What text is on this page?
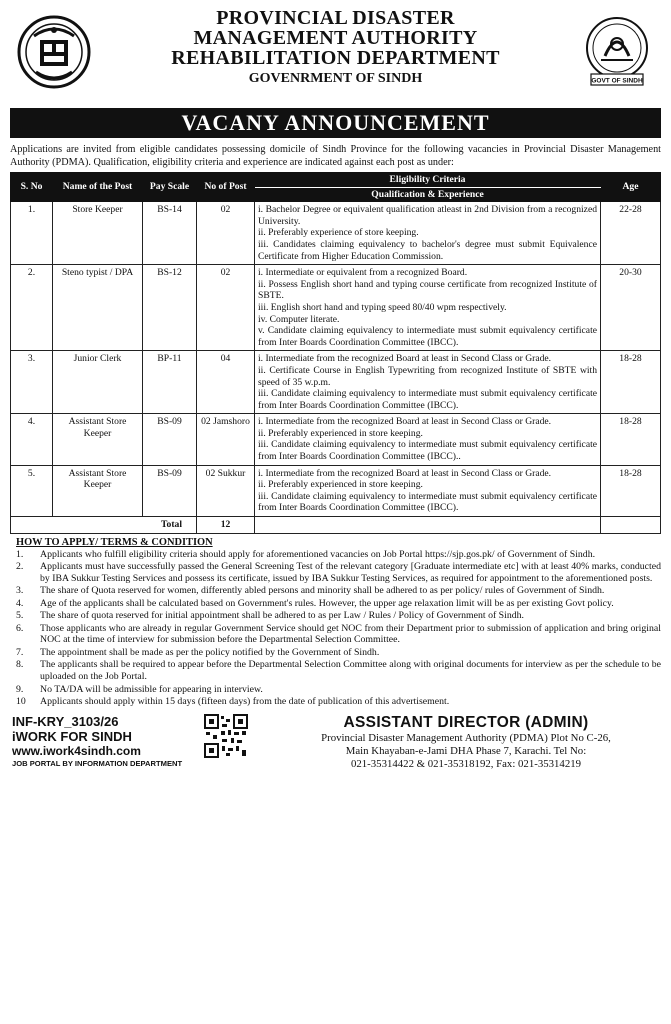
PROVINCIAL DISASTER
MANAGEMENT AUTHORITY
REHABILITATION DEPARTMENT
GOVENRMENT OF SINDH	GOVT OF SINDH
VACANY ANNOUNCEMENT
Applications are invited from eligible candidates possessing domicile of Sindh Province for the following vacancies in Provincial Disaster Management Authority (PDMA). Qualification, eligibility criteria and experience are indicated against each post as under:
S. No	Name of the Post	Pay Scale	No of Post	Eligibility Criteria	Age
				Qualification & Experience	
1.	Store Keeper	BS-14	02	i. Bachelor Degree or equivalent qualification atleast in 2nd Division from a recognized University.
ii. Preferably experience of store keeping.
iii. Candidates claiming equivalency to bachelor's degree must submit Equivalence Certificate from Higher Education Commission.	22-28
2.	Steno typist / DPA	BS-12	02	i. Intermediate or equivalent from a recognized Board.
ii. Possess English short hand and typing course certificate from recognized Institute of SBTE.
iii. English short hand and typing speed 80/40 wpm respectively.
iv. Computer literate.
v. Candidate claiming equivalency to intermediate must submit equivalency certificate from Inter Boards Coordination Committee (IBCC).	20-30
3.	Junior Clerk	BP-11	04	i. Intermediate from the recognized Board at least in Second Class or Grade.
ii. Certificate Course in English Typewriting from recognized Institute of SBTE with speed of 35 w.p.m.
iii. Candidate claiming equivalency to intermediate must submit equivalency certificate from Inter Boards Coordination Committee (IBCC).	18-28
4.	Assistant Store Keeper	BS-09	02 Jamshoro	i. Intermediate from the recognized Board at least in Second Class or Grade.
ii. Preferably experienced in store keeping.
iii. Candidate claiming equivalency to intermediate must submit equivalency certificate from Inter Boards Coordination Committee (IBCC)..	18-28
5.	Assistant Store Keeper	BS-09	02 Sukkur	i. Intermediate from the recognized Board at least in Second Class or Grade.
ii. Preferably experienced in store keeping.
iii. Candidate claiming equivalency to intermediate must submit equivalency certificate from Inter Boards Coordination Committee (IBCC).	18-28
Total			12		
HOW TO APPLY/ TERMS & CONDITION
1.	Applicants who fulfill eligibility criteria should apply for aforementioned vacancies on Job Portal https://sjp.gos.pk/ of Government of Sindh.
2.	Applicants must have successfully passed the General Screening Test of the relevant category [Graduate intermediate etc] with at least 40% marks, conducted by IBA Sukkur Testing Services and possess its certificate, issued by IBA Sukkur Testing Services, as required for appointment to the aforementioned posts.
3.	The share of Quota reserved for women, differently abled persons and minority shall be adhered to as per policy/ rules of Government of Sindh.
4.	Age of the applicants shall be calculated based on Government's rules. However, the upper age relaxation limit will be as per existing Govt policy.
5.	The share of quota reserved for initial appointment shall be adhered to as per Law / Rules / Policy of Government of Sindh.
6.	Those applicants who are already in regular Government Service should get NOC from their Department prior to submission of application and bring original NOC at the time of interview for submission before the Departmental Selection Committee.
7.	The appointment shall be made as per the policy notified by the Government of Sindh.
8.	The applicants shall be required to appear before the Departmental Selection Committee along with original documents for interview as per the schedule to be uploaded on the Job Portal.
9.	No TA/DA will be admissible for appearing in interview.
10	Applicants should apply within 15 days (fifteen days) from the date of publication of this advertisement.
INF-KRY_3103/26
iWORK FOR SINDH
www.iwork4sindh.com
JOB PORTAL BY INFORMATION DEPARTMENT
ASSISTANT DIRECTOR (ADMIN)
Provincial Disaster Management Authority (PDMA) Plot No C-26,
Main Khayaban-e-Jami DHA Phase 7, Karachi. Tel No:
021-35314422 & 021-35318192, Fax: 021-35314219
